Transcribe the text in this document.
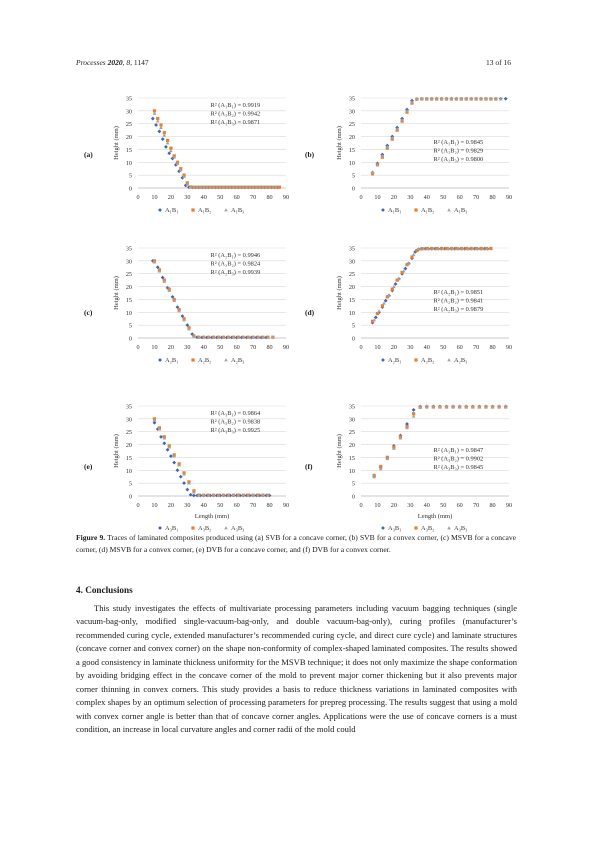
Processes 2020, 8, 1147	13 of 16
(a)
0
5
10
15
20
25
30
35
0 10 20 30 40 50 60 70 80 90
Height (mm)
R² (A₁B₁) = 0.9919
R² (A₁B₂) = 0.9942
R² (A₁B₃) = 0.9871
A₁B₁	A₁B₂	A₁B₃
(b)
0
5
10
15
20
25
30
35
0 10 20 30 40 50 60 70 80 90
Height (mm)	R² (A₁B₁) = 0.9845
R² (A₁B₂) = 0.9829
R² (A₁B₃) = 0.9800
A₁B₁	A₁B₂	A₁B₃
(c)
0
5
10
15
20
25
30
35
0 10 20 30 40 50 60 70 80 90
Height (mm)
R² (A₂B₁) = 0.9946
R² (A₂B₂) = 0.9824
R² (A₂B₃) = 0.9939
A₂B₁	A₂B₂	A₂B₃
(d)
0
5
10
15
20
25
30
35
0 10 20 30 40 50 60 70 80 90
Height (mm)	R² (A₂B₁) = 0.9851
R² (A₂B₂) = 0.9841
R² (A₂B₃) = 0.9879
A₂B₁	A₂B₂	A₂B₃
(e)
0
5
10
15
20
25
30
35
0 10 20 30 40 50 60 70 80 90
Height (mm)
Length (mm)
R² (A₃B₁) = 0.9864
R² (A₃B₂) = 0.9838
R² (A₃B₃) = 0.9925
A₃B₁	A₃B₂	A₃B₃
(f)
0
5
10
15
20
25
30
35
0 10 20 30 40 50 60 70 80 90
Height (mm)
Length (mm)
R² (A₃B₁) = 0.9847
R² (A₃B₂) = 0.9902
R² (A₃B₃) = 0.9845
A₃B₁	A₃B₂	A₃B₃
Figure 9. Traces of laminated composites produced using (a) SVB for a concave corner, (b) SVB for a convex corner, (c) MSVB for a concave corner, (d) MSVB for a convex corner, (e) DVB for a concave corner, and (f) DVB for a convex corner.
4. Conclusions
This study investigates the effects of multivariate processing parameters including vacuum bagging techniques (single vacuum-bag-only, modified single-vacuum-bag-only, and double vacuum-bag-only), curing profiles (manufacturer’s recommended curing cycle, extended manufacturer’s recommended curing cycle, and direct cure cycle) and laminate structures (concave corner and convex corner) on the shape non-conformity of complex-shaped laminated composites. The results showed a good consistency in laminate thickness uniformity for the MSVB technique; it does not only maximize the shape conformation by avoiding bridging effect in the concave corner of the mold to prevent major corner thickening but it also prevents major corner thinning in convex corners. This study provides a basis to reduce thickness variations in laminated composites with complex shapes by an optimum selection of processing parameters for prepreg processing. The results suggest that using a mold with convex corner angle is better than that of concave corner angles. Applications were the use of concave corners is a must condition, an increase in local curvature angles and corner radii of the mold could
